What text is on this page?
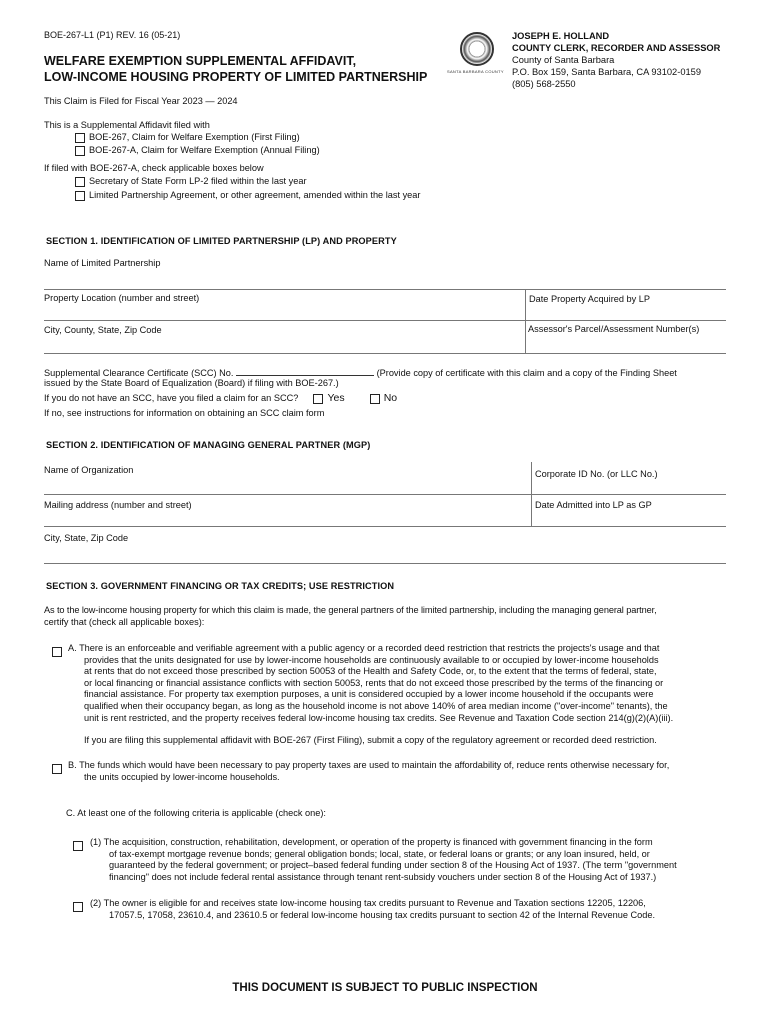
BOE-267-L1 (P1) REV. 16 (05-21)
WELFARE EXEMPTION SUPPLEMENTAL AFFIDAVIT,
LOW-INCOME HOUSING PROPERTY OF LIMITED PARTNERSHIP	SANTA BARBARA COUNTY
JOSEPH E. HOLLAND
COUNTY CLERK, RECORDER AND ASSESSOR
County of Santa Barbara
P.O. Box 159, Santa Barbara, CA 93102-0159
(805) 568-2550
This Claim is Filed for Fiscal Year 2023 — 2024
This is a Supplemental Affidavit filed with
BOE-267, Claim for Welfare Exemption (First Filing)
BOE-267-A, Claim for Welfare Exemption (Annual Filing)
If filed with BOE-267-A, check applicable boxes below
Secretary of State Form LP-2 filed within the last year
Limited Partnership Agreement, or other agreement, amended within the last year
SECTION 1. IDENTIFICATION OF LIMITED PARTNERSHIP (LP) AND PROPERTY
Name of Limited Partnership
Property Location (number and street)	Date Property Acquired by LP
City, County, State, Zip Code	Assessor's Parcel/Assessment Number(s)
Supplemental Clearance Certificate (SCC) No.	(Provide copy of certificate with this claim and a copy of the Finding Sheet
issued by the State Board of Equalization (Board) if filing with BOE-267.)
If you do not have an SCC, have you filed a claim for an SCC?	Yes	No
If no, see instructions for information on obtaining an SCC claim form
SECTION 2. IDENTIFICATION OF MANAGING GENERAL PARTNER (MGP)
Name of Organization	Corporate ID No. (or LLC No.)
Mailing address (number and street)	Date Admitted into LP as GP
City, State, Zip Code
SECTION 3. GOVERNMENT FINANCING OR TAX CREDITS; USE RESTRICTION
As to the low-income housing property for which this claim is made, the general partners of the limited partnership, including the managing general partner,
certify that (check all applicable boxes):
A. There is an enforceable and verifiable agreement with a public agency or a recorded deed restriction that restricts the projects's usage and that
provides that the units designated for use by lower-income households are continuously available to or occupied by lower-income households
at rents that do not exceed those prescribed by section 50053 of the Health and Safety Code, or, to the extent that the terms of federal, state,
or local financing or financial assistance conflicts with section 50053, rents that do not exceed those prescribed by the terms of the financing or
financial assistance. For property tax exemption purposes, a unit is considered occupied by a lower income household if the occupants were
qualified when their occupancy began, as long as the household income is not above 140% of area median income ("over-income" tenants), the
unit is rent restricted, and the property receives federal low-income housing tax credits. See Revenue and Taxation Code section 214(g)(2)(A)(iii).
If you are filing this supplemental affidavit with BOE-267 (First Filing), submit a copy of the regulatory agreement or recorded deed restriction.
B. The funds which would have been necessary to pay property taxes are used to maintain the affordability of, reduce rents otherwise necessary for,
the units occupied by lower-income households.
C. At least one of the following criteria is applicable (check one):
(1) The acquisition, construction, rehabilitation, development, or operation of the property is financed with government financing in the form
of tax-exempt mortgage revenue bonds; general obligation bonds; local, state, or federal loans or grants; or any loan insured, held, or
guaranteed by the federal government; or project–based federal funding under section 8 of the Housing Act of 1937. (The term "government
financing" does not include federal rental assistance through tenant rent-subsidy vouchers under section 8 of the Housing Act of 1937.)
(2) The owner is eligible for and receives state low-income housing tax credits pursuant to Revenue and Taxation sections 12205, 12206,
17057.5, 17058, 23610.4, and 23610.5 or federal low-income housing tax credits pursuant to section 42 of the Internal Revenue Code.
THIS DOCUMENT IS SUBJECT TO PUBLIC INSPECTION
